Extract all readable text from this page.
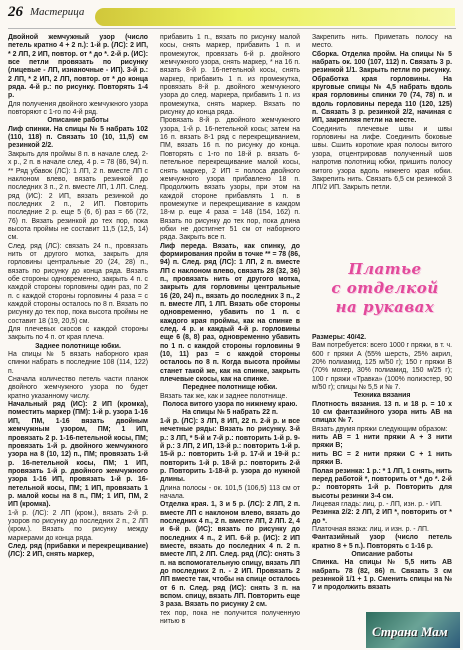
26 Мастерица

Двойной жемчужный узор (число петель кратно 4 + 2 п.): 1-й р. (ЛС): 2 ИП, * 2 ЛП, 2 ИП, повтор. от * до *. 2-й р. (ИС): все петли провязать по рисунку (лицевые - ЛП, изнаночные - ИП). 3-й р.: 2 ЛП, * 2 ИП, 2 ЛП, повтор. от * до конца ряда. 4-й р.: по рисунку. Повторять 1-4 р.

Для получения двойного жемчужного узора повторяют с 1-го по 4-й ряд.

Описание работы

Лиф спинки. На спицы № 5 набрать 102 (110, 118) п. Связать 10 (10, 11,5) см резинкой 2/2.

Закрыть для проймы 8 п. в начале след. 2-х р., 2 п. в начале след. 4 р. = 78 (86, 94) п. ** Ряд убавок (ЛС): 1 ЛП, 2 п. вместе ЛП с наклоном влево, вязать резинкой до последних 3 п., 2 п. вместе ЛП, 1 ЛП. След. ряд (ИС): 2 ИП, вязать резинкой до последних 2 п., 2 ИП. Повторить последние 2 р. еще 5 (6, 6) раз = 66 (72, 76) п. Вязать резинкой до тех пор, пока высота проймы не составит 11,5 (12,5, 14) см.

След. ряд (ЛС): связать 24 п., провязать нить от другого мотка, закрыть для горловины центральные 20 (24, 28) п., вязать по рисунку до конца ряда. Вязать обе стороны одновременно, закрыть 4 п. с каждой стороны горловины один раз, по 2 п. с каждой стороны горловины 4 раза = с каждой стороны осталось по 8 п. Вязать по рисунку до тех пор, пока высота проймы не составит 18 (19, 20,5) см.

Для плечевых скосов с каждой стороны закрыть по 4 п. от края плеча.

Заднее полотнище юбки.

На спицы № 5 вязать наборного края спинки набрать в последние 108 (114, 122) п.

Сначала количество петель части планок двойного жемчужного узора по будет кратно указанному числу.

Начальный ряд (ИС): 2 ИП (кромка), поместить маркер (ПМ): 1-й р. узора 1-16 ИП, ПМ, 1-16 вязать двойным жемчужным узором, ПМ; 1 ИП, провязать 2 р. 1-16-петельной косы, ПМ; провязать 1-й р. двойного жемчужного узора на 8 (10, 12) п., ПМ; провязать 1-й р. 16-петельной косы, ПМ; 1 ИП, провязать 1-й р. двойного жемчужного узора 1-16 ИП, провязать 1-й р. 16-петельной косы, ПМ; 1 ИП, провязать 1 р. малой косы на 8 п., ПМ; 1 ИП, ПМ, 2 ИП (кромка).

1-й р. (ЛС): 2 ЛП (кром.), вязать 2-й р. узоров по рисунку до последних 2 п., 2 ЛП (кром.). Вязать по рисунку между маркерами до конца ряда.

След. ряд (прибавки и перекрещивание) (ЛС): 2 ИП, снять маркер,

прибавить 1 п., вязать по рисунку малой косы, снять маркер, прибавить 1 п. и промежуток, провязать 6-й р. двойного жемчужного узора, снять маркер, * на 16 п. вязать 8-й р. 16-петельной косы, снять маркер, прибавить 1 п. из промежутка, провязать 8-й р. двойного жемчужного узора до след. маркера, прибавить 1 п. из промежутка, снять маркер. Вязать по рисунку до конца ряда.

Провязать 8-й р. двойного жемчужного узора, 1-й р. 16-петельной косы; затем на 16 п. вязать 8-1 ряд с перекрещиванием, ПМ, вязать 16 п. по рисунку до конца. Повторять с 1-го по 18-й р. вязать 6-петельное перекрещивание малой косы, снять маркер, 2 ИП = полоса двойного жемчужного узора прибавлено 18 п. Продолжить вязать узоры, при этом на каждой стороне прибавлять 1 п. в промежутке и перекрещивание в каждом 18-м р. еще 4 раза = 148 (154, 162) п. Вязать по рисунку до тех пор, пока длина юбки не достигнет 51 см от наборного ряда. Закрыть все п.

Лиф переда. Вязать, как спинку, до формирования пройм в точке ** = 78 (86, 94) п. След. ряд (ЛС): 1 ЛП, 2 п. вместе ЛП с наклоном влево, связать 28 (32, 36) п., провязать нить от другого мотка, закрыть для горловины центральные 16 (20, 24) п., вязать до последних 3 п., 2 п. вместе ЛП, 1 ЛП. Вязать обе стороны одновременно, убавить по 1 п. с каждого края проймы, как на спинке в след. 4 р. и каждый 4-й р. горловины еще 6 (8, 8) раз, одновременно убавить по 1 п. с каждой стороны горловины 9 (10, 11) раз = с каждой стороны осталось по 8 п. Когда высота проймы станет такой же, как на спинке, закрыть плечевые скосы, как на спинке.

Переднее полотнище юбки.

Вязать так же, как и заднее полотнище.

Полоса витого узора по нижнему краю. На спицы № 5 набрать 22 п.

1-й р. (ЛС): 3 ЛП, 8 ИП, 22 п. 2-й р. и все нечетные ряды: Вязать по рисунку. 3-й р.: 3 ЛП, * 5-й и 7-й р.: повторить 1-й р. 9-й р.: 3 ЛП, 2 ИП, 13-й р.: повторить 1-й р. 15-й р.: повторить 1-й р. 17-й и 19-й р.: повторить 1-й р. 18-й р.: повторить 2-й р. Повторить 1-18-й р. узора до нужной длины.

Длина полосы - ок. 101,5 (106,5) 113 см от начала.

Отделка края. 1, 3 и 5 р. (ЛС): 2 ЛП, 2 п. вместе ЛП с наклоном влево, вязать до последних 4 п., 2 п. вместе ЛП, 2 ЛП. 2, 4 и 6-й р. (ИС): вязать по рисунку до последних 4 п., 2 ИП. 6-й р. (ИС): 2 ИП вместе, вязать до последних 4 п. 2 п. вместе ЛП, 2 ЛП. След. ряд (ЛС): снять 3 п. на вспомогательную спицу, вязать ЛП до последних 2 п. - 2 ИП. Провязать 2 ЛП вместе так, чтобы на спице осталось от 6 п. След. ряд (ИС): снять 3 п. на вспом. спицу, вязать ЛП. Повторить еще 3 раза. Вязать по рисунку 2 см.

тех пор, пока не получится полученную нитью в

Закрепить нить. Приметать полосу на место.

Сборка. Отделка пройм. На спицы № 5 набрать ок. 100 (107, 112) п. Связать 3 р. резинкой 1/1. Закрыть петли по рисунку.

Обработка края горловины. На круговые спицы № 4,5 набрать вдоль края горловины спинки 70 (74, 78) п. и вдоль горловины переда 110 (120, 125) п. Связать 3 р. резинкой 2/2, начиная с ИП, закрепляя петли на месте.

Соединить плечевые швы и швы горловины на лифе. Соединить боковые швы. Сшить короткие края полосы витого узора, отцентрировав полученный шов напротив полотнищ юбки, пришить полосу витого узора вдоль нижнего края юбки. Закрепить нить. Связать 6,5 см резинкой 3 ЛП/2 ИП. Закрыть петли.

Платье
с отделкой
на рукавах

Размеры: 40/42.

Вам потребуется: всего 1000 г пряжи, в т. ч. 600 г пряжи A (55% шерсть, 25% акрил, 20% полиамид, 125 м/50 г); 150 г пряжи B (70% мохер, 30% полиамид, 150 м/25 г); 100 г пряжи «Травка» (100% полиэстер, 90 м/50 г); спицы № 5,5 и № 7.

Техника вязания

Плотность вязания. 13 п. и 18 р. = 10 х 10 см фантазийного узора нить AB на спицах № 7.

Вязать двумя пряжи следующим образом:

нить AB = 1 нити пряжи A + 3 нити пряжи B;

нить BC = 2 нити пряжи C + 1 нить пряжи B.

Полая резинка: 1 р.: * 1 ЛП, 1 снять, нить перед работой *, повторить от * до *. 2-й р.: повторять 1-й р. Повторить для высоты резинки 3-4 см.

Лицевая гладь: лиц. р. - ЛП, изн. р. - ИП.

Резинка 2/2: 2 ЛП, 2 ИП *, повторить от * до *.

Платочная вязка: лиц. и изн. р. - ЛП.

Фантазийный узор (число петель кратно 8 + 5 п.). Повторять с 1-16 р.

Описание работы

Спинка. На спицы № 5,5 нить AB набрать 78 (82, 86) п. Связать 3 см резинкой 1/1 + 1 р. Сменить спицы на № 7 и продолжить вязать

Страна Мам
